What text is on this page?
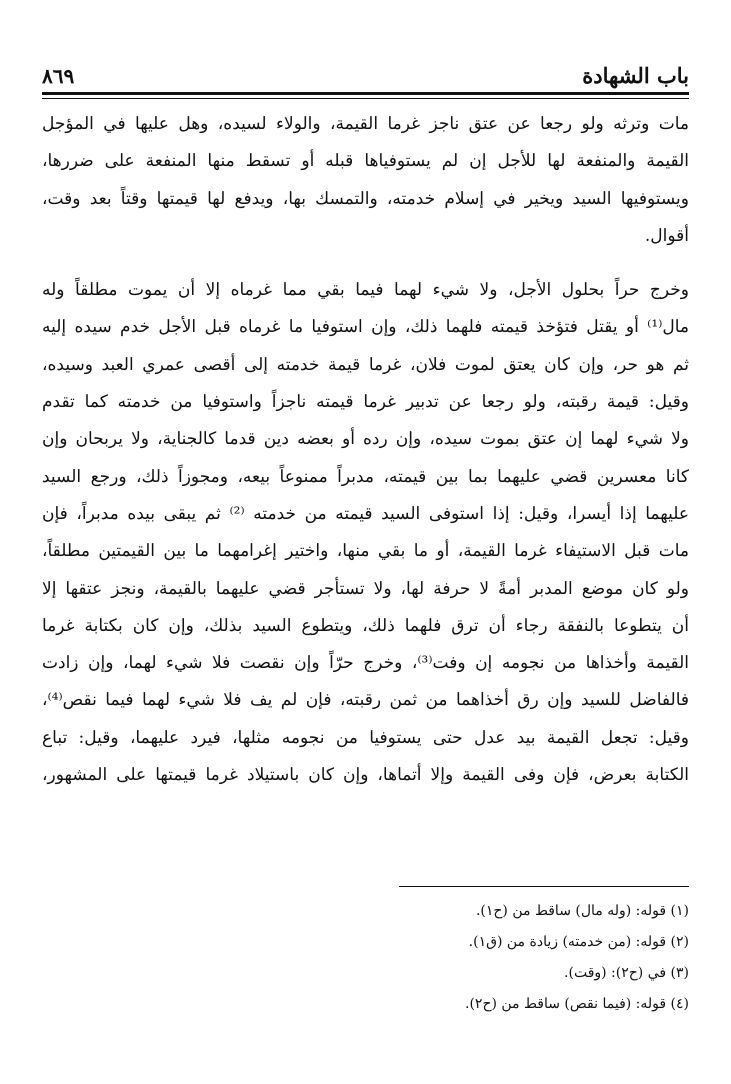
باب الشهادة
٨٦٩
مات وترثه ولو رجعا عن عتق ناجز غرما القيمة، والولاء لسيده، وهل عليها في المؤجل
القيمة والمنفعة لها للأجل إن لم يستوفياها قبله أو تسقط منها المنفعة على ضررها،
ويستوفيها السيد ويخير في إسلام خدمته، والتمسك بها، ويدفع لها قيمتها وقتاً بعد وقت،
أقوال.
وخرج حراً بحلول الأجل، ولا شيء لهما فيما بقي مما غرماه إلا أن يموت مطلقاً وله
مال⁽¹⁾ أو يقتل فتؤخذ قيمته فلهما ذلك، وإن استوفيا ما غرماه قبل الأجل خدم سيده إليه
ثم هو حر، وإن كان يعتق لموت فلان، غرما قيمة خدمته إلى أقصى عمري العبد وسيده،
وقيل: قيمة رقبته، ولو رجعا عن تدبير غرما قيمته ناجزاً واستوفيا من خدمته كما تقدم
ولا شيء لهما إن عتق بموت سيده، وإن رده أو بعضه دين قدما كالجناية، ولا يربحان وإن
كانا معسرين قضي عليهما بما بين قيمته، مدبراً ممنوعاً بيعه، ومجوزاً ذلك، ورجع السيد
عليهما إذا أيسرا، وقيل: إذا استوفى السيد قيمته من خدمته ⁽²⁾ ثم يبقى بيده مدبراً، فإن
مات قبل الاستيفاء غرما القيمة، أو ما بقي منها، واختير إغرامهما ما بين القيمتين مطلقاً،
ولو كان موضع المدبر أمةً لا حرفة لها، ولا تستأجر قضي عليهما بالقيمة، ونجز عتقها إلا
أن يتطوعا بالنفقة رجاء أن ترق فلهما ذلك، ويتطوع السيد بذلك، وإن كان بكتابة غرما
القيمة وأخذاها من نجومه إن وفت⁽³⁾، وخرج حرّاً وإن نقصت فلا شيء لهما، وإن زادت
فالفاضل للسيد وإن رق أخذاهما من ثمن رقبته، فإن لم يف فلا شيء لهما فيما نقص⁽⁴⁾،
وقيل: تجعل القيمة بيد عدل حتى يستوفيا من نجومه مثلها، فيرد عليهما، وقيل: تباع
الكتابة بعرض، فإن وفى القيمة وإلا أتماها، وإن كان باستيلاد غرما قيمتها على المشهور،
(١) قوله: (وله مال) ساقط من (ح١).
(٢) قوله: (من خدمته) زيادة من (ق١).
(٣) في (ح٢): (وقت).
(٤) قوله: (فيما نقص) ساقط من (ح٢).
